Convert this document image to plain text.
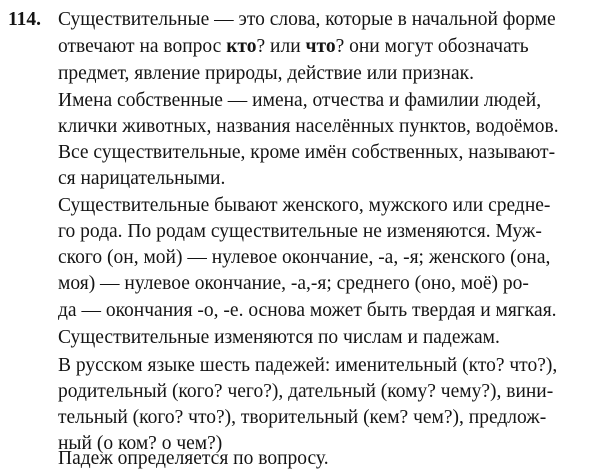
114. Существительные — это слова, которые в начальной форме
отвечают на вопрос кто? или что? они могут обозначать
предмет, явление природы, действие или признак.
Имена собственные — имена, отчества и фамилии людей,
клички животных, названия населённых пунктов, водоёмов.
Все существительные, кроме имён собственных, называют-
ся нарицательными.
Существительные бывают женского, мужского или средне-
го рода. По родам существительные не изменяются. Муж-
ского (он, мой) — нулевое окончание, -а, -я; женского (она,
моя) — нулевое окончание, -а,-я; среднего (оно, моё) ро-
да — окончания -о, -е. основа может быть твердая и мягкая.
Существительные изменяются по числам и падежам.
В русском языке шесть падежей: именительный (кто? что?),
родительный (кого? чего?), дательный (кому? чему?), вини-
тельный (кого? что?), творительный (кем? чем?), предлож-
ный (о ком? о чем?)
Падеж определяется по вопросу.
